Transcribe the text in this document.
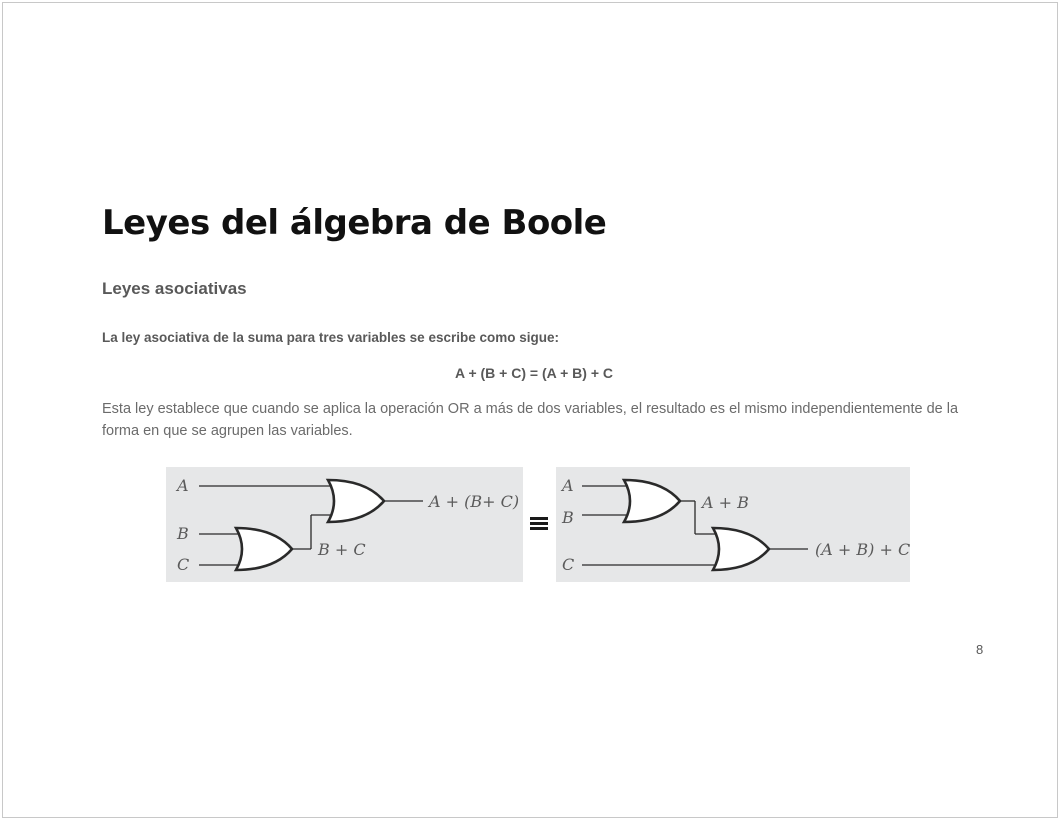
Leyes del álgebra de Boole
Leyes asociativas

La ley asociativa de la suma para tres variables se escribe como sigue:

A + (B + C) = (A + B) + C

Esta ley establece que cuando se aplica la operación OR a más de dos variables, el resultado es el mismo independientemente de la forma en que se agrupen las variables.

A
B
C
B + C
A + (B+ C)
A
B
C
A + B
(A + B) + C

8
